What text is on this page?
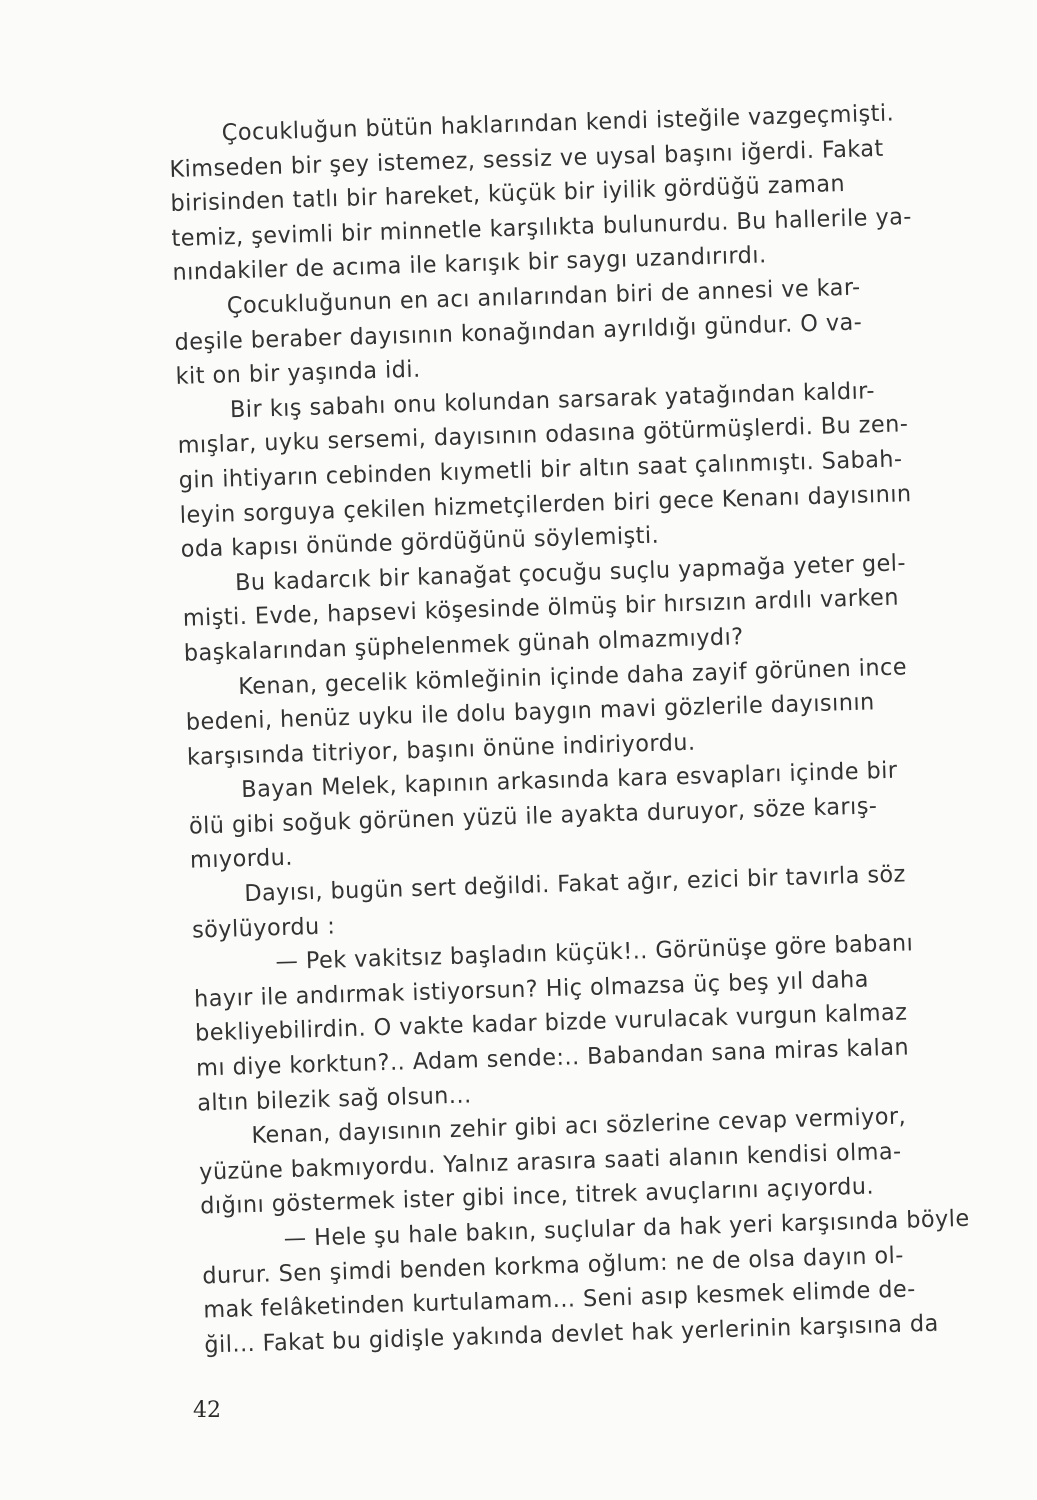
Çocukluğun bütün haklarından kendi isteğile vazgeçmişti.
Kimseden bir şey istemez, sessiz ve uysal başını iğerdi. Fakat
birisinden tatlı bir hareket, küçük bir iyilik gördüğü zaman
temiz, şevimli bir minnetle karşılıkta bulunurdu. Bu hallerile ya-
nındakiler de acıma ile karışık bir saygı uzandırırdı.
Çocukluğunun en acı anılarından biri de annesi ve kar-
deşile beraber dayısının konağından ayrıldığı gündur. O va-
kit on bir yaşında idi.
Bir kış sabahı onu kolundan sarsarak yatağından kaldır-
mışlar, uyku sersemi, dayısının odasına götürmüşlerdi. Bu zen-
gin ihtiyarın cebinden kıymetli bir altın saat çalınmıştı. Sabah-
leyin sorguya çekilen hizmetçilerden biri gece Kenanı dayısının
oda kapısı önünde gördüğünü söylemişti.
Bu kadarcık bir kanağat çocuğu suçlu yapmağa yeter gel-
mişti. Evde, hapsevi köşesinde ölmüş bir hırsızın ardılı varken
başkalarından şüphelenmek günah olmazmıydı?
Kenan, gecelik kömleğinin içinde daha zayif görünen ince
bedeni, henüz uyku ile dolu baygın mavi gözlerile dayısının
karşısında titriyor, başını önüne indiriyordu.
Bayan Melek, kapının arkasında kara esvapları içinde bir
ölü gibi soğuk görünen yüzü ile ayakta duruyor, söze karış-
mıyordu.
Dayısı, bugün sert değildi. Fakat ağır, ezici bir tavırla söz
söylüyordu :
— Pek vakitsız başladın küçük!.. Görünüşe göre babanı
hayır ile andırmak istiyorsun? Hiç olmazsa üç beş yıl daha
bekliyebilirdin. O vakte kadar bizde vurulacak vurgun kalmaz
mı diye korktun?.. Adam sende:.. Babandan sana miras kalan
altın bilezik sağ olsun...
Kenan, dayısının zehir gibi acı sözlerine cevap vermiyor,
yüzüne bakmıyordu. Yalnız arasıra saati alanın kendisi olma-
dığını göstermek ister gibi ince, titrek avuçlarını açıyordu.
— Hele şu hale bakın, suçlular da hak yeri karşısında böyle
durur. Sen şimdi benden korkma oğlum: ne de olsa dayın ol-
mak felâketinden kurtulamam... Seni asıp kesmek elimde de-
ğil... Fakat bu gidişle yakında devlet hak yerlerinin karşısına da
42
